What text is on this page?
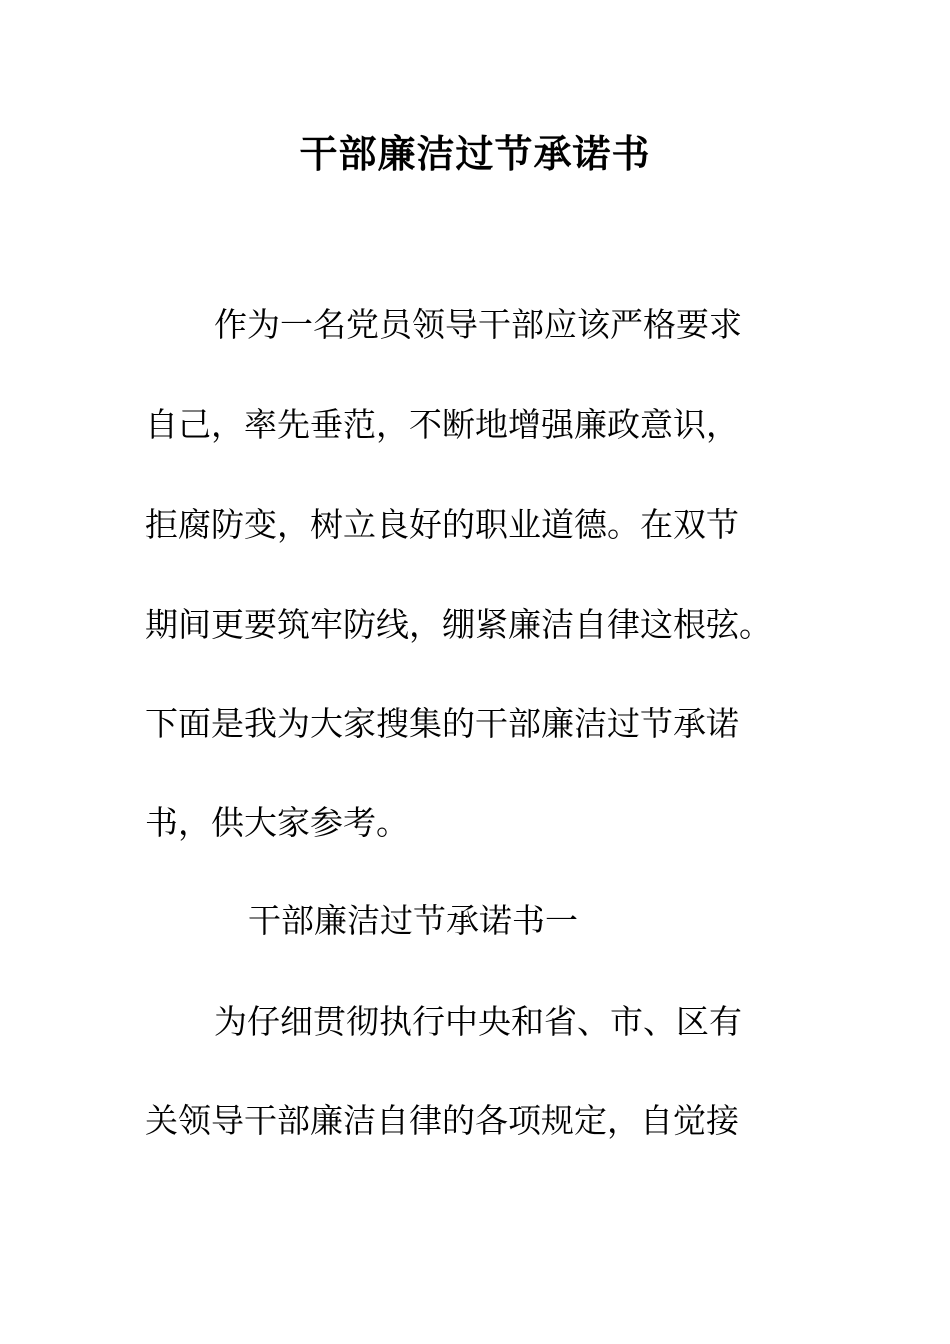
干部廉洁过节承诺书
作为一名党员领导干部应该严格要求
自己，率先垂范，不断地增强廉政意识，
拒腐防变，树立良好的职业道德。在双节
期间更要筑牢防线，绷紧廉洁自律这根弦。
下面是我为大家搜集的干部廉洁过节承诺
书，供大家参考。
干部廉洁过节承诺书一
为仔细贯彻执行中央和省、市、区有
关领导干部廉洁自律的各项规定，自觉接
